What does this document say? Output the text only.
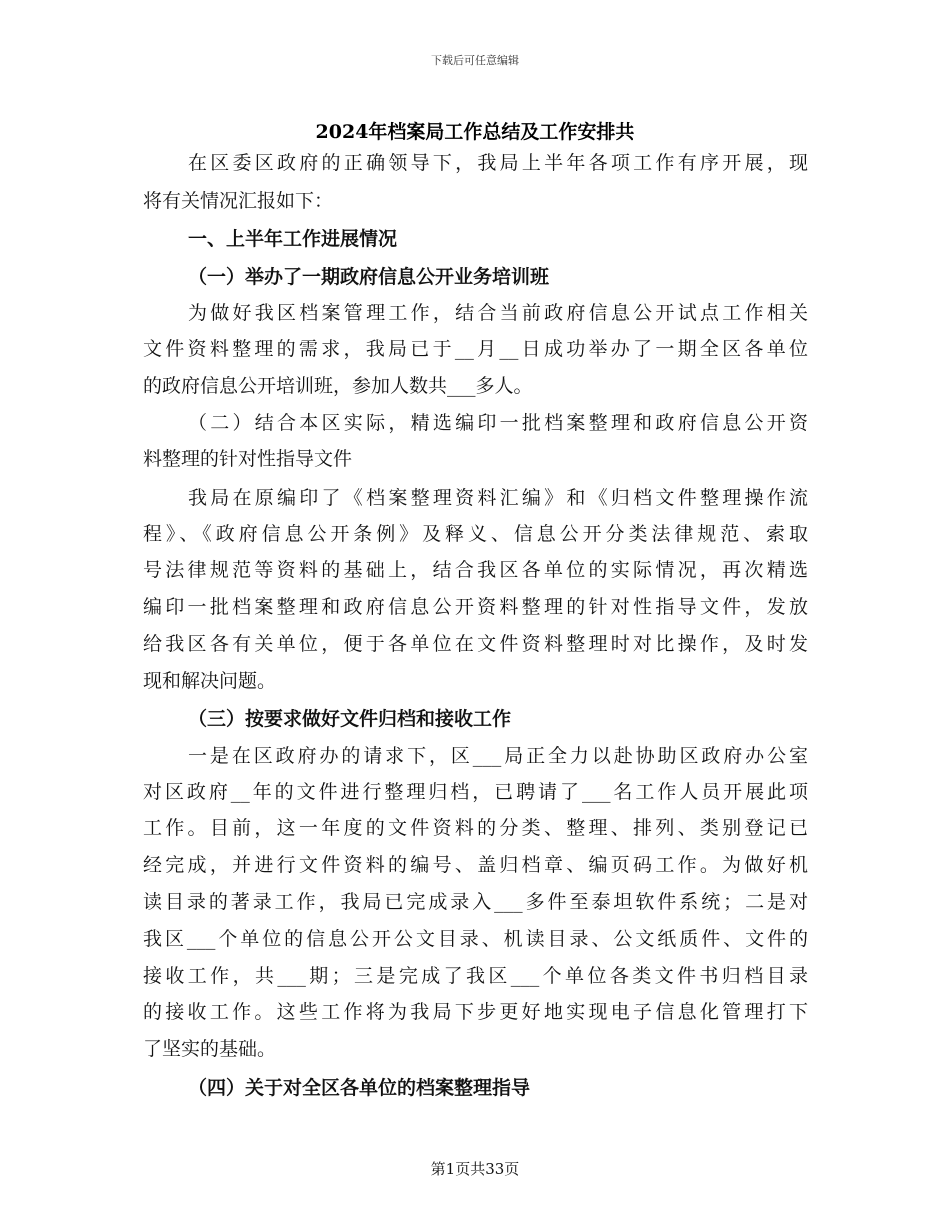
下载后可任意编辑
2024年档案局工作总结及工作安排共
在区委区政府的正确领导下，我局上半年各项工作有序开展，现
将有关情况汇报如下：
一、上半年工作进展情况
（一）举办了一期政府信息公开业务培训班
为做好我区档案管理工作，结合当前政府信息公开试点工作相关
文件资料整理的需求，我局已于__月__日成功举办了一期全区各单位
的政府信息公开培训班，参加人数共___多人。
（二）结合本区实际，精选编印一批档案整理和政府信息公开资
料整理的针对性指导文件
我局在原编印了《档案整理资料汇编》和《归档文件整理操作流
程》、《政府信息公开条例》及释义、信息公开分类法律规范、索取
号法律规范等资料的基础上，结合我区各单位的实际情况，再次精选
编印一批档案整理和政府信息公开资料整理的针对性指导文件，发放
给我区各有关单位，便于各单位在文件资料整理时对比操作，及时发
现和解决问题。
（三）按要求做好文件归档和接收工作
一是在区政府办的请求下，区___局正全力以赴协助区政府办公室
对区政府__年的文件进行整理归档，已聘请了___名工作人员开展此项
工作。目前，这一年度的文件资料的分类、整理、排列、类别登记已
经完成，并进行文件资料的编号、盖归档章、编页码工作。为做好机
读目录的著录工作，我局已完成录入___多件至泰坦软件系统；二是对
我区___个单位的信息公开公文目录、机读目录、公文纸质件、文件的
接收工作，共___期；三是完成了我区___个单位各类文件书归档目录
的接收工作。这些工作将为我局下步更好地实现电子信息化管理打下
了坚实的基础。
（四）关于对全区各单位的档案整理指导
第1页共33页
